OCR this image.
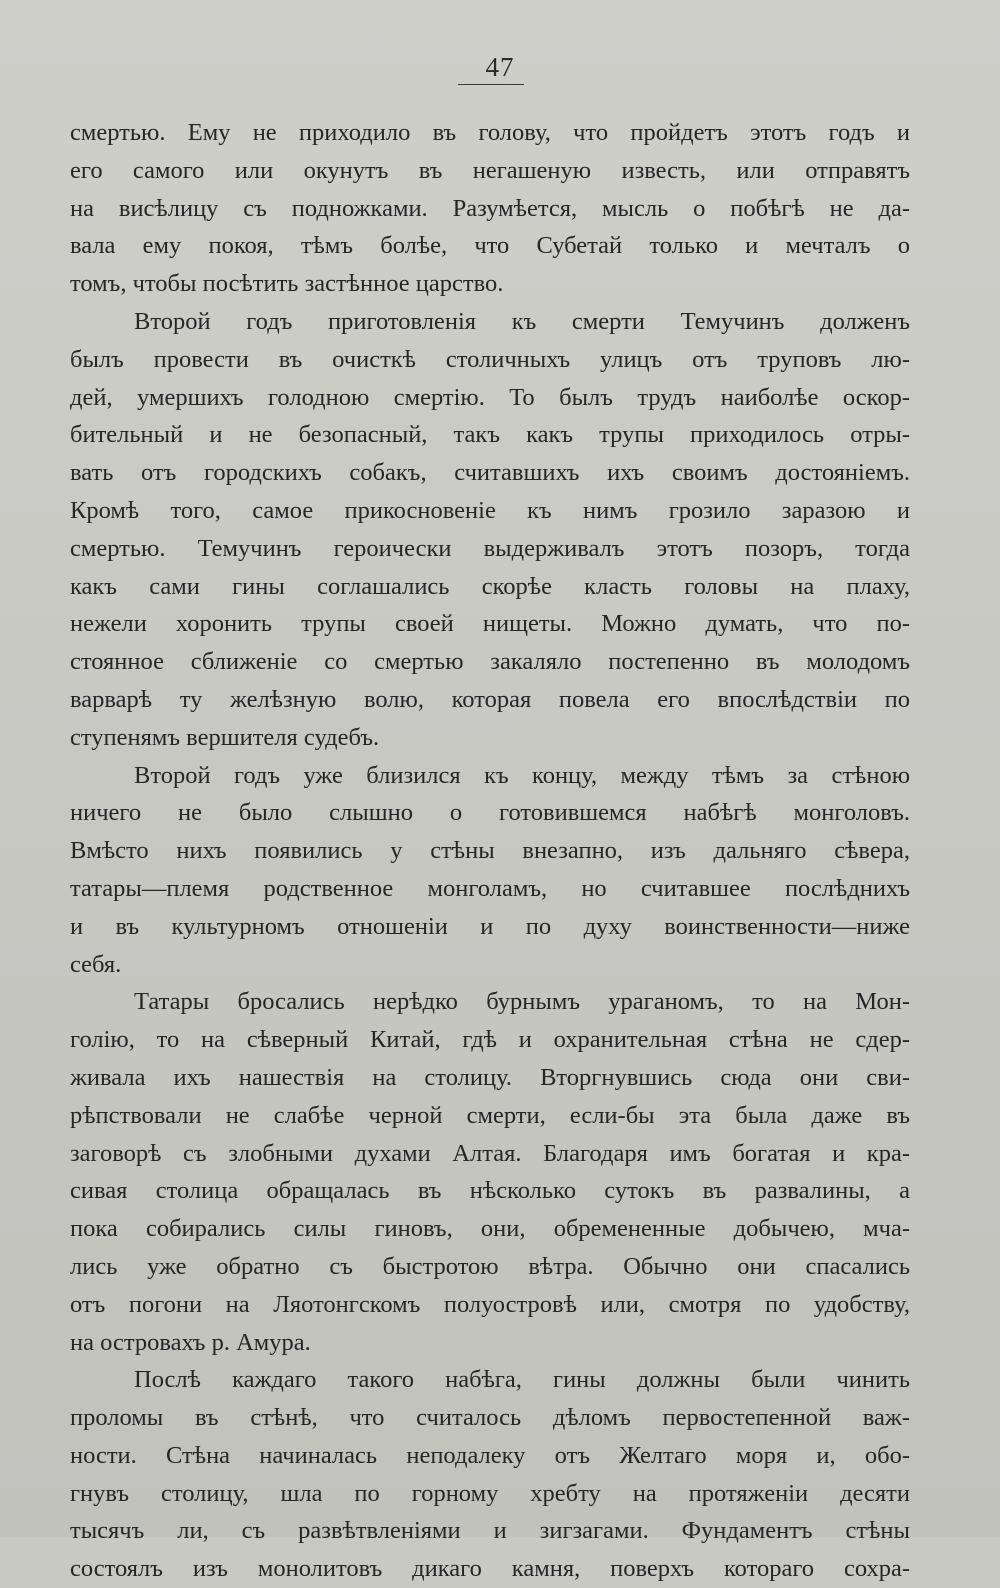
47
смертью. Ему не приходило въ голову, что пройдетъ этотъ годъ и
его самого или окунутъ въ негашеную известь, или отправятъ
на висѣлицу съ подножками. Разумѣется, мысль о побѣгѣ не да-
вала ему покоя, тѣмъ болѣе, что Субетай только и мечталъ о
томъ, чтобы посѣтить застѣнное царство.
Второй годъ приготовленія къ смерти Темучинъ долженъ
былъ провести въ очисткѣ столичныхъ улицъ отъ труповъ лю-
дей, умершихъ голодною смертію. То былъ трудъ наиболѣе оскор-
бительный и не безопасный, такъ какъ трупы приходилось отры-
вать отъ городскихъ собакъ, считавшихъ ихъ своимъ достояніемъ.
Кромѣ того, самое прикосновеніе къ нимъ грозило заразою и
смертью. Темучинъ героически выдерживалъ этотъ позоръ, тогда
какъ сами гины соглашались скорѣе класть головы на плаху,
нежели хоронить трупы своей нищеты. Можно думать, что по-
стоянное сближеніе со смертью закаляло постепенно въ молодомъ
варварѣ ту желѣзную волю, которая повела его впослѣдствіи по
ступенямъ вершителя судебъ.
Второй годъ уже близился къ концу, между тѣмъ за стѣною
ничего не было слышно о готовившемся набѣгѣ монголовъ.
Вмѣсто нихъ появились у стѣны внезапно, изъ дальняго сѣвера,
татары—племя родственное монголамъ, но считавшее послѣднихъ
и въ культурномъ отношеніи и по духу воинственности—ниже
себя.
Татары бросались нерѣдко бурнымъ ураганомъ, то на Мон-
голію, то на сѣверный Китай, гдѣ и охранительная стѣна не сдер-
живала ихъ нашествія на столицу. Вторгнувшись сюда они сви-
рѣпствовали не слабѣе черной смерти, если-бы эта была даже въ
заговорѣ съ злобными духами Алтая. Благодаря имъ богатая и кра-
сивая столица обращалась въ нѣсколько сутокъ въ развалины, а
пока собирались силы гиновъ, они, обремененные добычею, мча-
лись уже обратно съ быстротою вѣтра. Обычно они спасались
отъ погони на Ляотонгскомъ полуостровѣ или, смотря по удобству,
на островахъ р. Амура.
Послѣ каждаго такого набѣга, гины должны были чинить
проломы въ стѣнѣ, что считалось дѣломъ первостепенной важ-
ности. Стѣна начиналась неподалеку отъ Желтаго моря и, обо-
гнувъ столицу, шла по горному хребту на протяженіи десяти
тысячъ ли, съ развѣтвленіями и зигзагами. Фундаментъ стѣны
состоялъ изъ монолитовъ дикаго камня, поверхъ котораго сохра-
